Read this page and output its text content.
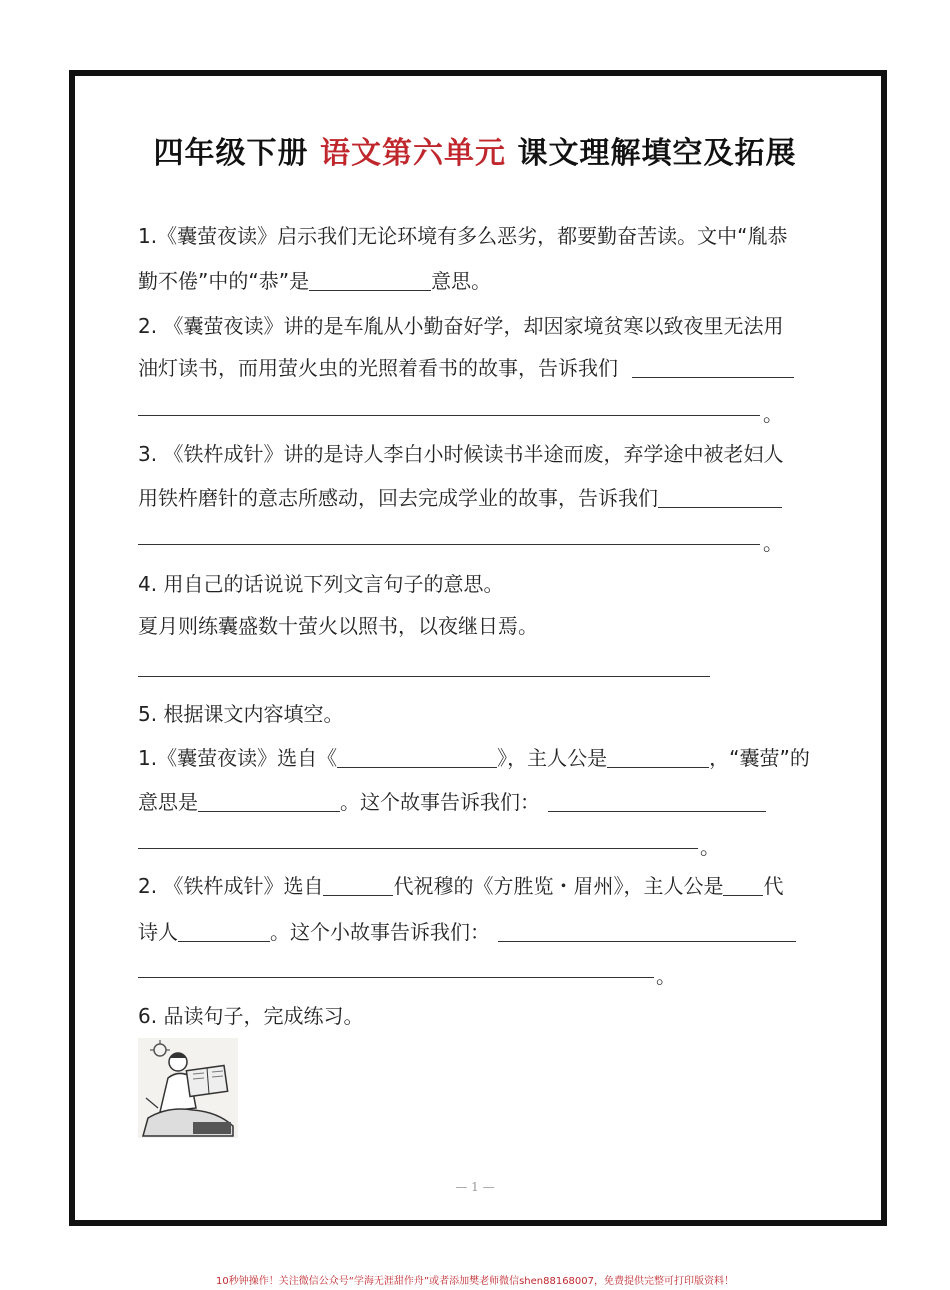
四年级下册 语文第六单元 课文理解填空及拓展
1.《囊萤夜读》启示我们无论环境有多么恶劣，都要勤奋苦读。文中“胤恭
勤不倦”中的“恭”是	意思。
2. 《囊萤夜读》讲的是车胤从小勤奋好学，却因家境贫寒以致夜里无法用
油灯读书，而用萤火虫的光照着看书的故事，告诉我们
。
3. 《铁杵成针》讲的是诗人李白小时候读书半途而废，弃学途中被老妇人
用铁杵磨针的意志所感动，回去完成学业的故事，告诉我们
。
4. 用自己的话说说下列文言句子的意思。
夏月则练囊盛数十萤火以照书，以夜继日焉。
5. 根据课文内容填空。
1.《囊萤夜读》选自《	》，主人公是	，“囊萤”的
意思是	。这个故事告诉我们：
。
2. 《铁杵成针》选自	代祝穆的《方胜览・眉州》，主人公是 代
诗人	。这个小故事告诉我们：
。
6. 品读句子，完成练习。
— 1 —
10秒钟操作！关注微信公众号“学海无涯甜作舟”或者添加樊老师微信shen88168007，免费提供完整可打印版资料！
